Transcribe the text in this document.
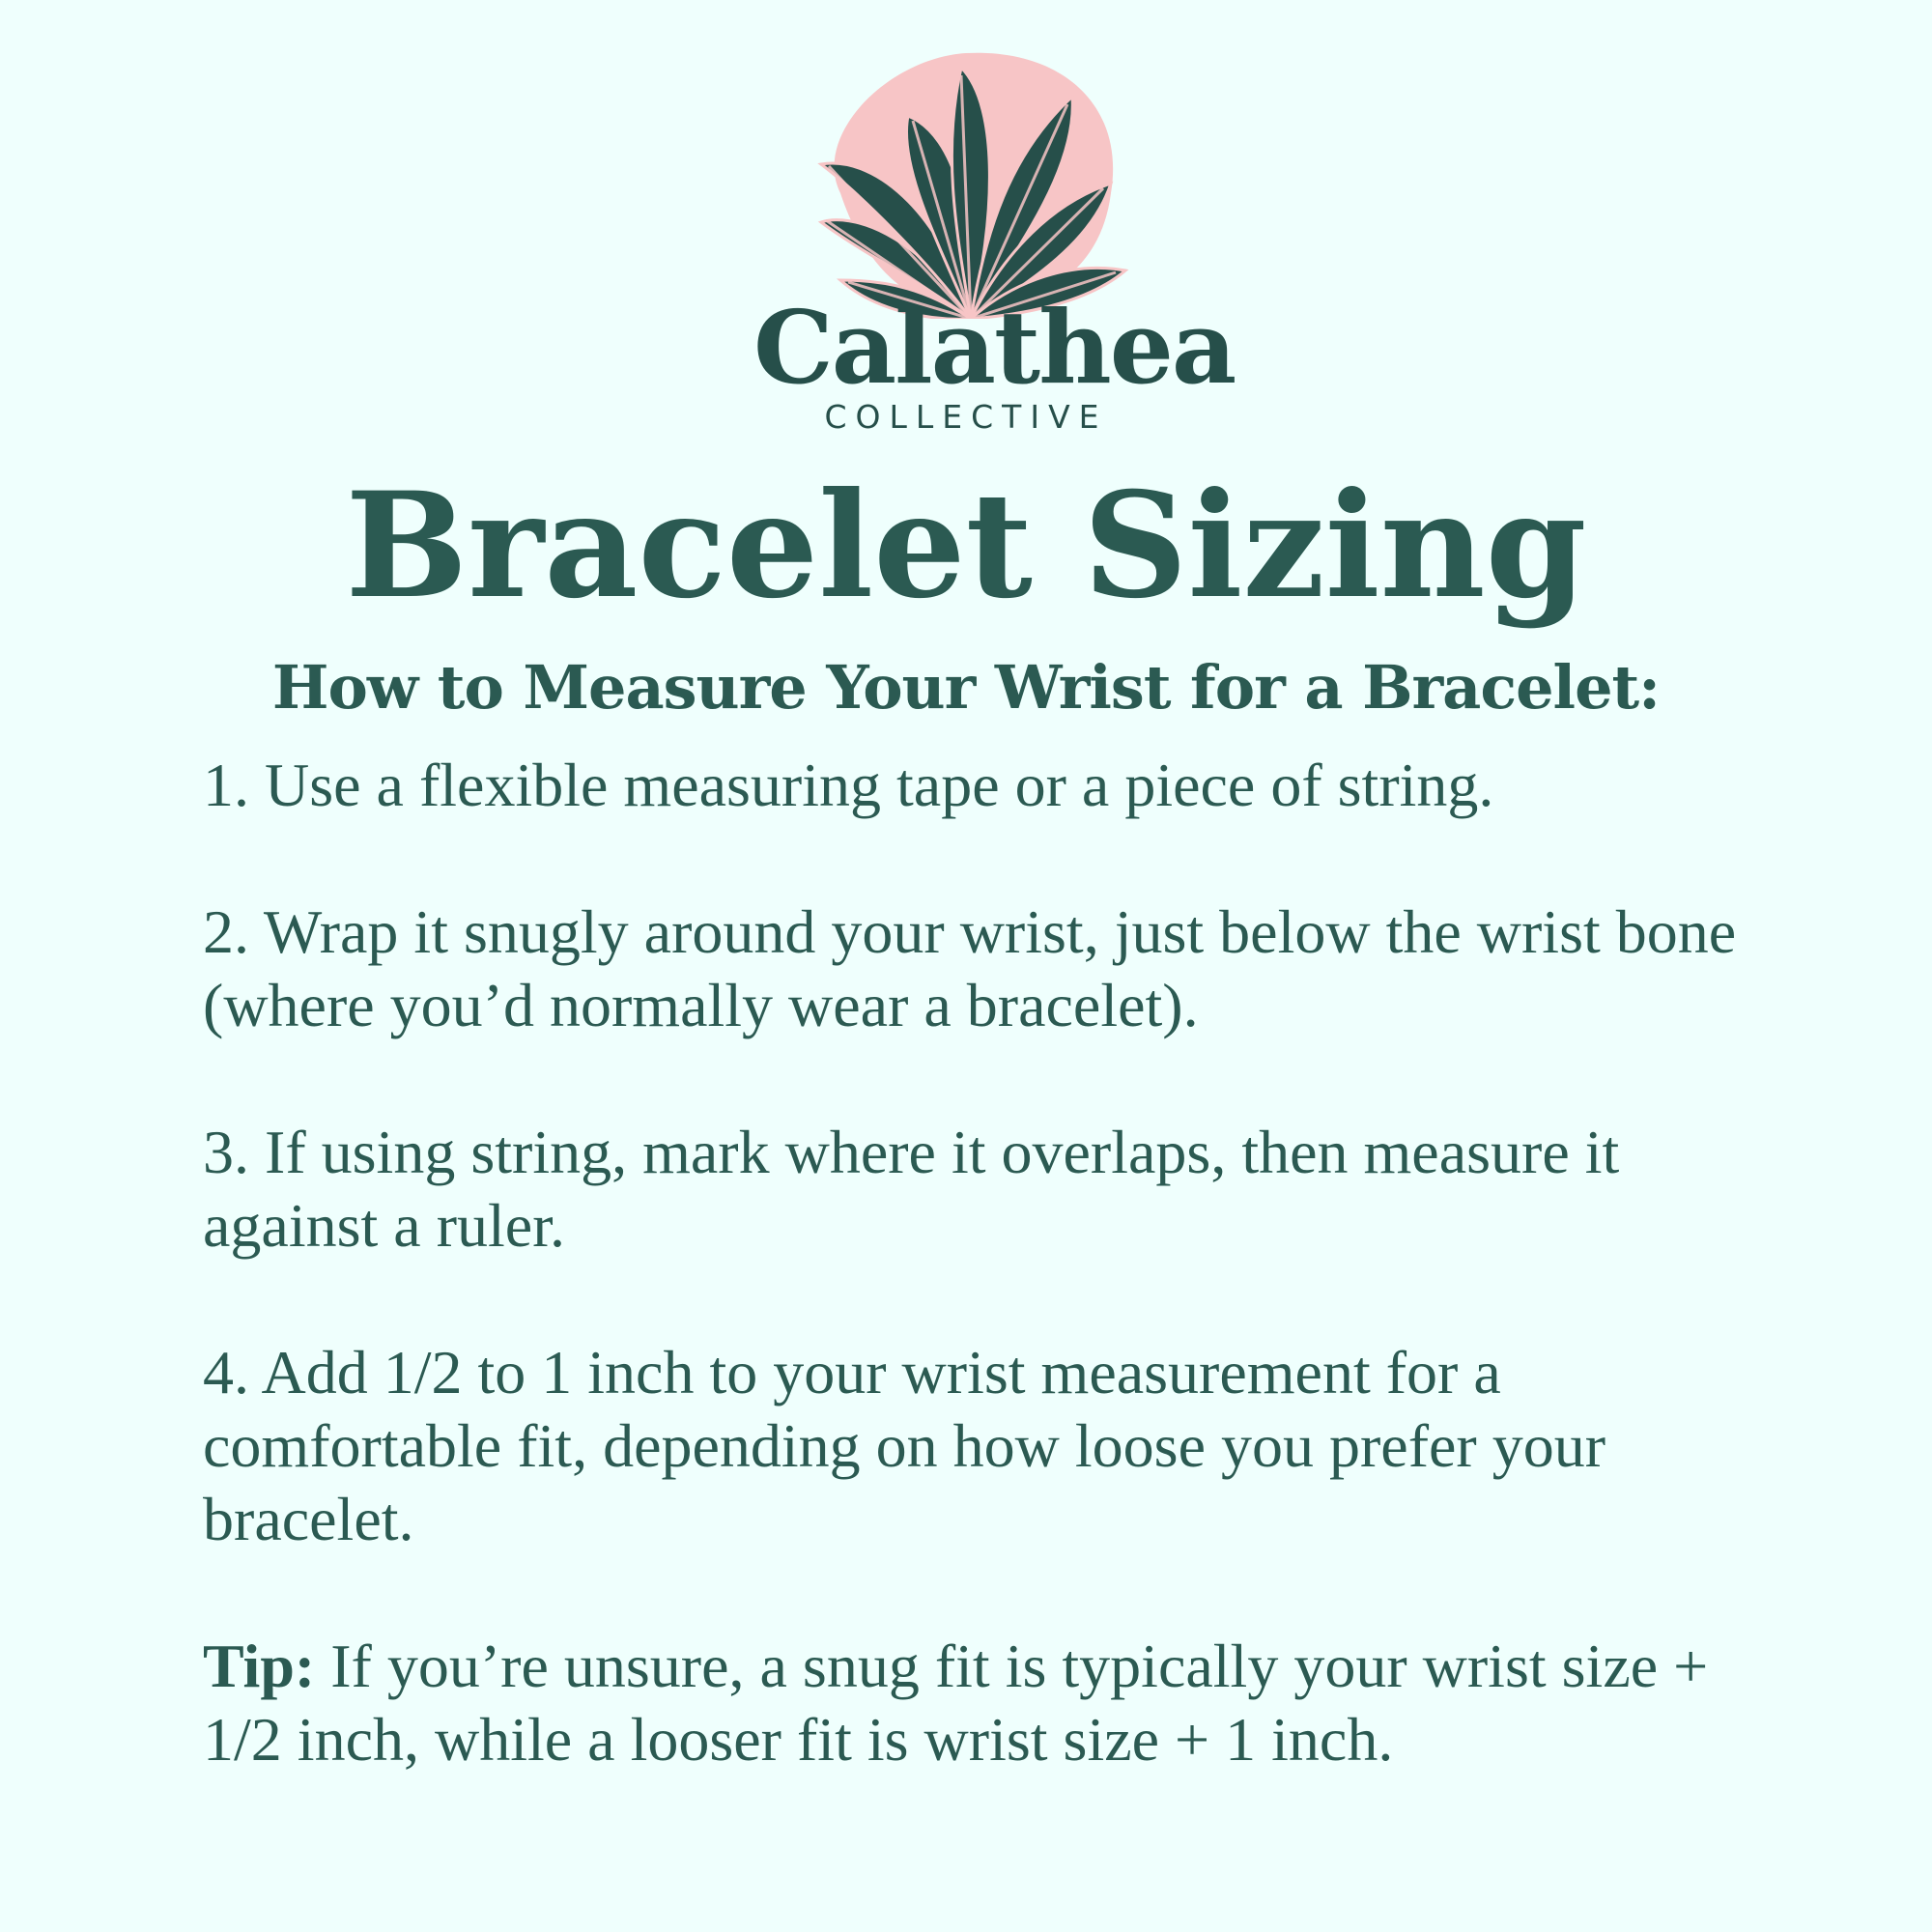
Calathea

COLLECTIVE

Bracelet Sizing
How to Measure Your Wrist for a Bracelet:

1. Use a flexible measuring tape or a piece of string.

2. Wrap it snugly around your wrist, just below the wrist bone (where you’d normally wear a bracelet).

3. If using string, mark where it overlaps, then measure it against a ruler.

4. Add 1/2 to 1 inch to your wrist measurement for a comfortable fit, depending on how loose you prefer your bracelet.

Tip: If you’re unsure, a snug fit is typically your wrist size + 1/2 inch, while a looser fit is wrist size + 1 inch.
